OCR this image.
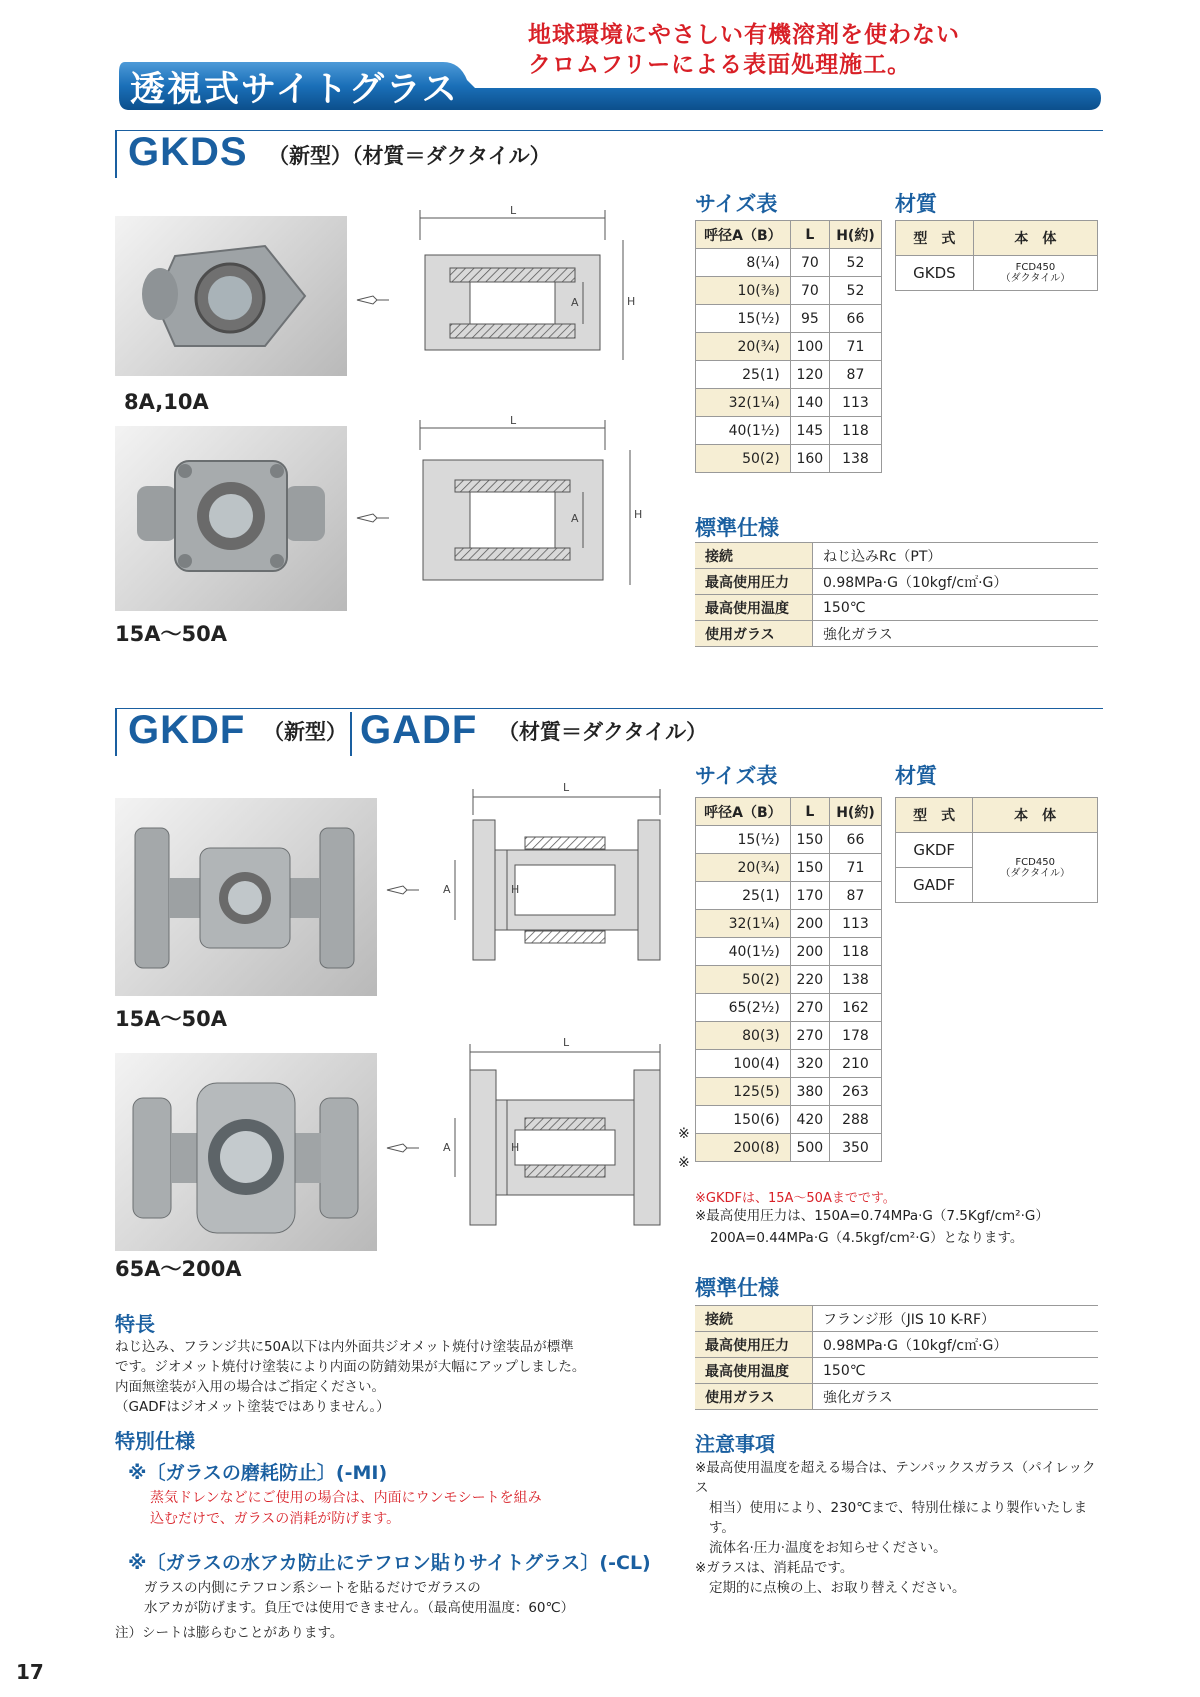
地球環境にやさしい有機溶剤を使わない
クロムフリーによる表面処理施工。
透視式サイトグラス
GKDS （新型）（材質＝ダクタイル）
8A,10A
15A～50A
L
H
A
L
H
A
サイズ表
呼径A（B）	L	H(約)
8(¼)	70	52
10(⅜)	70	52
15(½)	95	66
20(¾)	100	71
25(1)	120	87
32(1¼)	140	113
40(1½)	145	118
50(2)	160	138
材質
型　式	本　体
GKDS	FCD450
（ダクタイル）
標準仕様
接続	ねじ込みRc（PT）
最高使用圧力	0.98MPa·G（10kgf/c㎡·G）
最高使用温度	150℃
使用ガラス	強化ガラス
GKDF （新型） GADF （材質＝ダクタイル）
15A～50A
65A～200A
L
A	H
L
A	H
サイズ表
呼径A（B）	L	H(約)
15(½)	150	66
20(¾)	150	71
25(1)	170	87
32(1¼)	200	113
40(1½)	200	118
50(2)	220	138
65(2½)	270	162
80(3)	270	178
100(4)	320	210
125(5)	380	263
150(6)	420	288
200(8)	500	350
※
※
材質
型　式	本　体
GKDF	FCD450
（ダクタイル）

GADF	
※GKDFは、15A～50Aまでです。
※最高使用圧力は、150A=0.74MPa·G（7.5Kgf/cm²·G）
200A=0.44MPa·G（4.5kgf/cm²·G）となります。
標準仕様
接続	フランジ形（JIS 10 K-RF）
最高使用圧力	0.98MPa·G（10kgf/c㎡·G）
最高使用温度	150℃
使用ガラス	強化ガラス
特長
ねじ込み、フランジ共に50A以下は内外面共ジオメット焼付け塗装品が標準
です。ジオメット焼付け塗装により内面の防錆効果が大幅にアップしました。
内面無塗装が入用の場合はご指定ください。
（GADFはジオメット塗装ではありません。）
特別仕様
※〔ガラスの磨耗防止〕(-MI)
蒸気ドレンなどにご使用の場合は、内面にウンモシートを組み
込むだけで、ガラスの消耗が防げます。
※〔ガラスの水アカ防止にテフロン貼りサイトグラス〕(-CL)
ガラスの内側にテフロン系シートを貼るだけでガラスの
水アカが防げます。負圧では使用できません。（最高使用温度：60℃）
注）シートは膨らむことがあります。
注意事項
※最高使用温度を超える場合は、テンパックスガラス（パイレックス
相当）使用により、230℃まで、特別仕様により製作いたします。
流体名·圧力·温度をお知らせください。
※ガラスは、消耗品です。
定期的に点検の上、お取り替えください。
17
